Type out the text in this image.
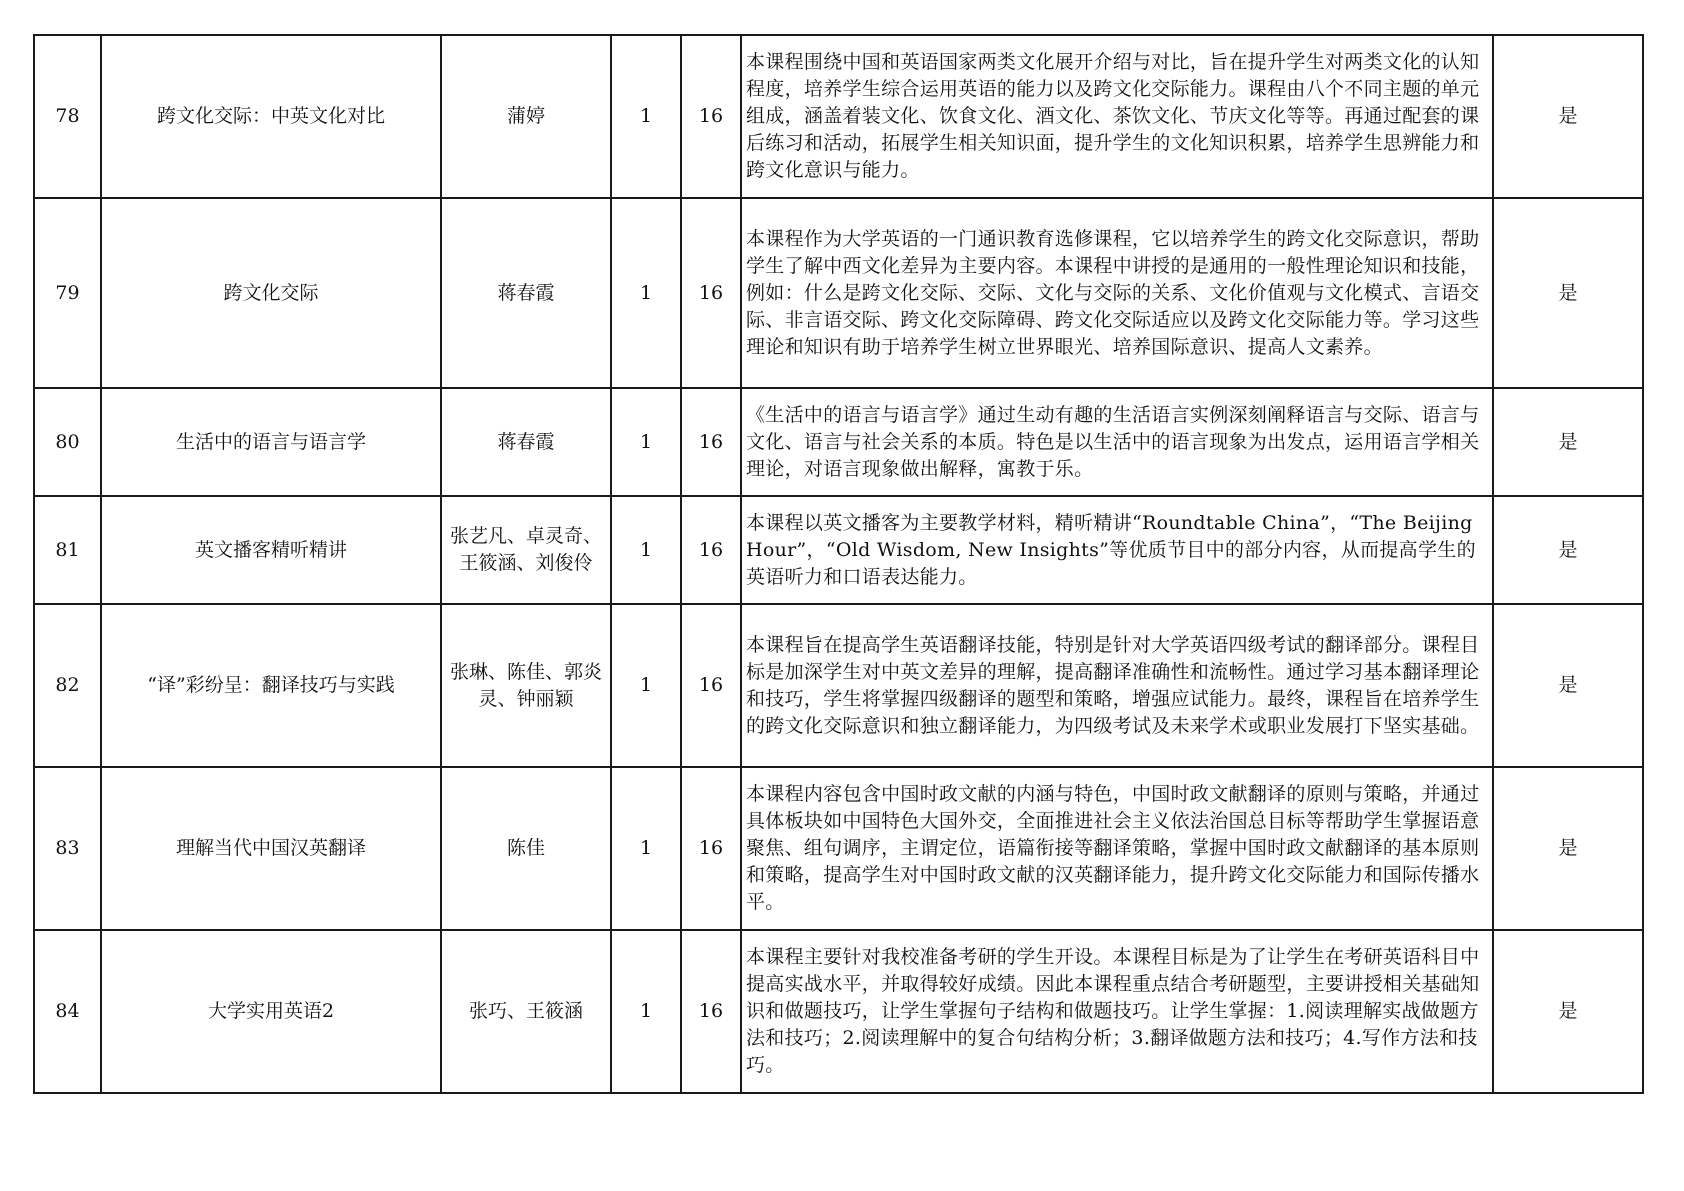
78	跨文化交际：中英文化对比	蒲婷	1	16	本课程围绕中国和英语国家两类文化展开介绍与对比，旨在提升学生对两类文化的认知程度，培养学生综合运用英语的能力以及跨文化交际能力。课程由八个不同主题的单元组成，涵盖着装文化、饮食文化、酒文化、茶饮文化、节庆文化等等。再通过配套的课后练习和活动，拓展学生相关知识面，提升学生的文化知识积累，培养学生思辨能力和跨文化意识与能力。	是
79	跨文化交际	蒋春霞	1	16	本课程作为大学英语的一门通识教育选修课程，它以培养学生的跨文化交际意识，帮助学生了解中西文化差异为主要内容。本课程中讲授的是通用的一般性理论知识和技能，例如：什么是跨文化交际、交际、文化与交际的关系、文化价值观与文化模式、言语交际、非言语交际、跨文化交际障碍、跨文化交际适应以及跨文化交际能力等。学习这些理论和知识有助于培养学生树立世界眼光、培养国际意识、提高人文素养。	是
80	生活中的语言与语言学	蒋春霞	1	16	《生活中的语言与语言学》通过生动有趣的生活语言实例深刻阐释语言与交际、语言与文化、语言与社会关系的本质。特色是以生活中的语言现象为出发点，运用语言学相关理论，对语言现象做出解释，寓教于乐。	是
81	英文播客精听精讲	张艺凡、卓灵奇、王筱涵、刘俊伶	1	16	本课程以英文播客为主要教学材料，精听精讲“Roundtable China”，“The Beijing Hour”，“Old Wisdom, New Insights”等优质节目中的部分内容，从而提高学生的英语听力和口语表达能力。	是
82	“译”彩纷呈：翻译技巧与实践	张琳、陈佳、郭炎灵、钟丽颖	1	16	本课程旨在提高学生英语翻译技能，特别是针对大学英语四级考试的翻译部分。课程目标是加深学生对中英文差异的理解，提高翻译准确性和流畅性。通过学习基本翻译理论和技巧，学生将掌握四级翻译的题型和策略，增强应试能力。最终，课程旨在培养学生的跨文化交际意识和独立翻译能力，为四级考试及未来学术或职业发展打下坚实基础。	是
83	理解当代中国汉英翻译	陈佳	1	16	本课程内容包含中国时政文献的内涵与特色，中国时政文献翻译的原则与策略，并通过具体板块如中国特色大国外交，全面推进社会主义依法治国总目标等帮助学生掌握语意聚焦、组句调序，主谓定位，语篇衔接等翻译策略，掌握中国时政文献翻译的基本原则和策略，提高学生对中国时政文献的汉英翻译能力，提升跨文化交际能力和国际传播水平。	是
84	大学实用英语2	张巧、王筱涵	1	16	本课程主要针对我校准备考研的学生开设。本课程目标是为了让学生在考研英语科目中提高实战水平，并取得较好成绩。因此本课程重点结合考研题型，主要讲授相关基础知识和做题技巧，让学生掌握句子结构和做题技巧。让学生掌握：1.阅读理解实战做题方法和技巧；2.阅读理解中的复合句结构分析；3.翻译做题方法和技巧；4.写作方法和技巧。	是
